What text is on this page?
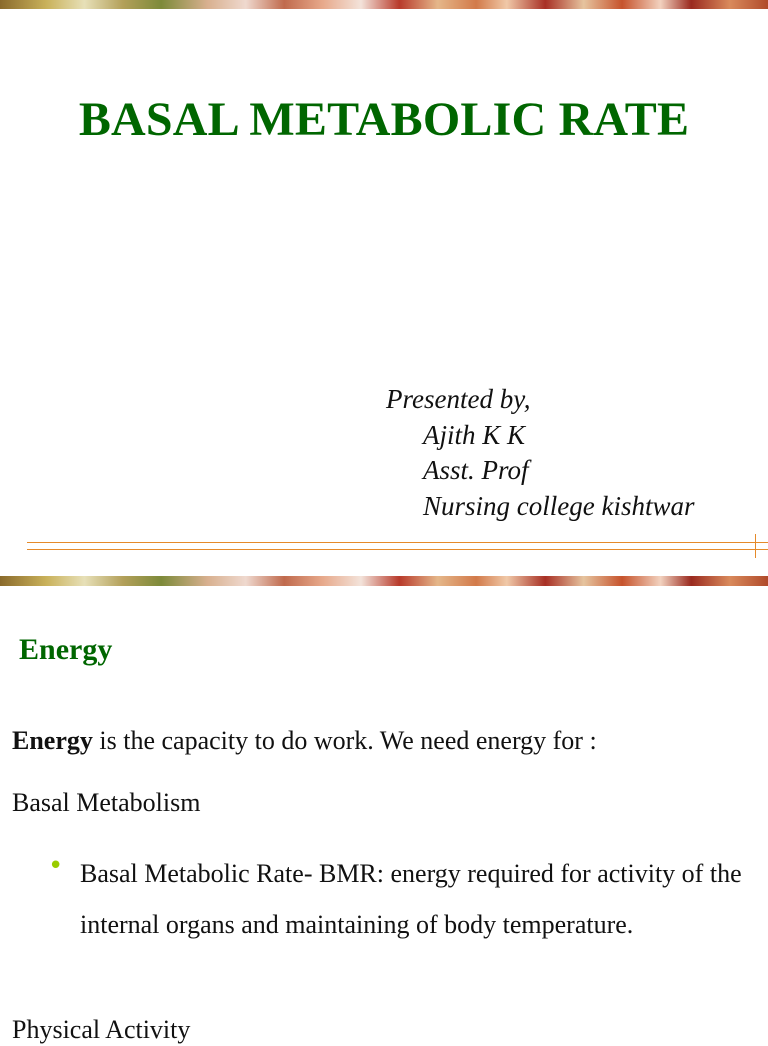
BASAL METABOLIC RATE
Presented by,
Ajith K K
Asst. Prof
Nursing college kishtwar
Energy

Energy is the capacity to do work. We need energy for :

Basal Metabolism

• Basal Metabolic Rate- BMR: energy required for activity of the internal organs and maintaining of body temperature.

Physical Activity
